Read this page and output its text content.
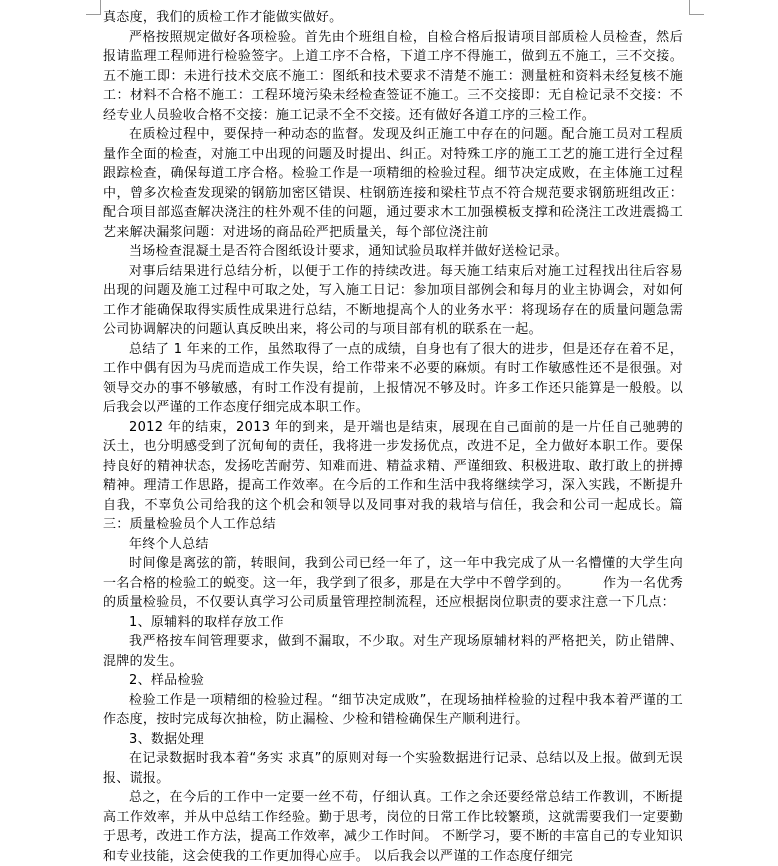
真态度，我们的质检工作才能做实做好。

严格按照规定做好各项检验。首先由个班组自检，自检合格后报请项目部质检人员检查，然后报请监理工程师进行检验签字。上道工序不合格，下道工序不得施工，做到五不施工，三不交接。五不施工即：未进行技术交底不施工：图纸和技术要求不清楚不施工：测量桩和资料未经复核不施工：材料不合格不施工：工程环境污染未经检查签证不施工。三不交接即：无自检记录不交接：不经专业人员验收合格不交接：施工记录不全不交接。还有做好各道工序的三检工作。

在质检过程中，要保持一种动态的监督。发现及纠正施工中存在的问题。配合施工员对工程质量作全面的检查，对施工中出现的问题及时提出、纠正。对特殊工序的施工工艺的施工进行全过程跟踪检查，确保每道工序合格。检验工作是一项精细的检验过程。细节决定成败，在主体施工过程中，曾多次检查发现梁的钢筋加密区错误、柱钢筋连接和梁柱节点不符合规范要求钢筋班组改正：配合项目部巡查解决浇注的柱外观不佳的问题，通过要求木工加强模板支撑和砼浇注工改进震捣工艺来解决漏浆问题：对进场的商品砼严把质量关，每个部位浇注前

当场检查混凝土是否符合图纸设计要求，通知试验员取样并做好送检记录。

对事后结果进行总结分析，以便于工作的持续改进。每天施工结束后对施工过程找出往后容易出现的问题及施工过程中可取之处，写入施工日记：参加项目部例会和每月的业主协调会，对如何工作才能确保取得实质性成果进行总结，不断地提高个人的业务水平：将现场存在的质量问题急需公司协调解决的问题认真反映出来，将公司的与项目部有机的联系在一起。

总结了 1 年来的工作，虽然取得了一点的成绩，自身也有了很大的进步，但是还存在着不足，工作中偶有因为马虎而造成工作失误，给工作带来不必要的麻烦。有时工作敏感性还不是很强。对领导交办的事不够敏感，有时工作没有提前，上报情况不够及时。许多工作还只能算是一般般。以后我会以严谨的工作态度仔细完成本职工作。

2012 年的结束，2013 年的到来，是开端也是结束，展现在自己面前的是一片任自己驰骋的沃土，也分明感受到了沉甸甸的责任，我将进一步发扬优点，改进不足，全力做好本职工作。要保持良好的精神状态，发扬吃苦耐劳、知难而进、精益求精、严谨细致、积极进取、敢打敢上的拼搏精神。理清工作思路，提高工作效率。在今后的工作和生活中我将继续学习，深入实践，不断提升自我，不辜负公司给我的这个机会和领导以及同事对我的栽培与信任，我会和公司一起成长。篇三：质量检验员个人工作总结

年终个人总结

时间像是离弦的箭，转眼间，我到公司已经一年了，这一年中我完成了从一名懵懂的大学生向一名合格的检验工的蜕变。这一年，我学到了很多，那是在大学中不曾学到的。　　　作为一名优秀的质量检验员，不仅要认真学习公司质量管理控制流程，还应根据岗位职责的要求注意一下几点：

1、原辅料的取样存放工作

我严格按车间管理要求，做到不漏取，不少取。对生产现场原辅材料的严格把关，防止错牌、混牌的发生。

2、样品检验

检验工作是一项精细的检验过程。“细节决定成败”，在现场抽样检验的过程中我本着严谨的工作态度，按时完成每次抽检，防止漏检、少检和错检确保生产顺利进行。

3、数据处理

在记录数据时我本着“务实 求真”的原则对每一个实验数据进行记录、总结以及上报。做到无误报、谎报。

总之，在今后的工作中一定要一丝不苟，仔细认真。工作之余还要经常总结工作教训，不断提高工作效率，并从中总结工作经验。勤于思考，岗位的日常工作比较繁琐，这就需要我们一定要勤于思考，改进工作方法，提高工作效率，减少工作时间。 不断学习，要不断的丰富自己的专业知识和专业技能，这会使我的工作更加得心应手。 以后我会以严谨的工作态度仔细完
